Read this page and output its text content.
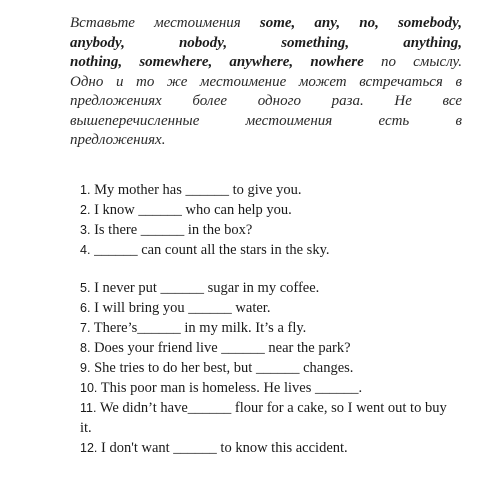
Вставьте местоимения some, any, no, somebody,
anybody,	nobody,	something,	anything,
nothing, somewhere, anywhere, nowhere по смыслу.
Одно и то же местоимение может встречаться в
предложениях более одного раза. Не все
вышеперечисленные местоимения есть в
предложениях.
1. My mother has ______ to give you.
2. I know ______ who can help you.
3. Is there ______ in the box?
4. ______ can count all the stars in the sky.
5. I never put ______ sugar in my coffee.
6. I will bring you ______ water.
7. There’s______ in my milk. It’s a fly.
8. Does your friend live ______ near the park?
9. She tries to do her best, but ______ changes.
10. This poor man is homeless. He lives ______.
11. We didn’t have______ flour for a cake, so I went out to buy it.
12. I don't want ______ to know this accident.
